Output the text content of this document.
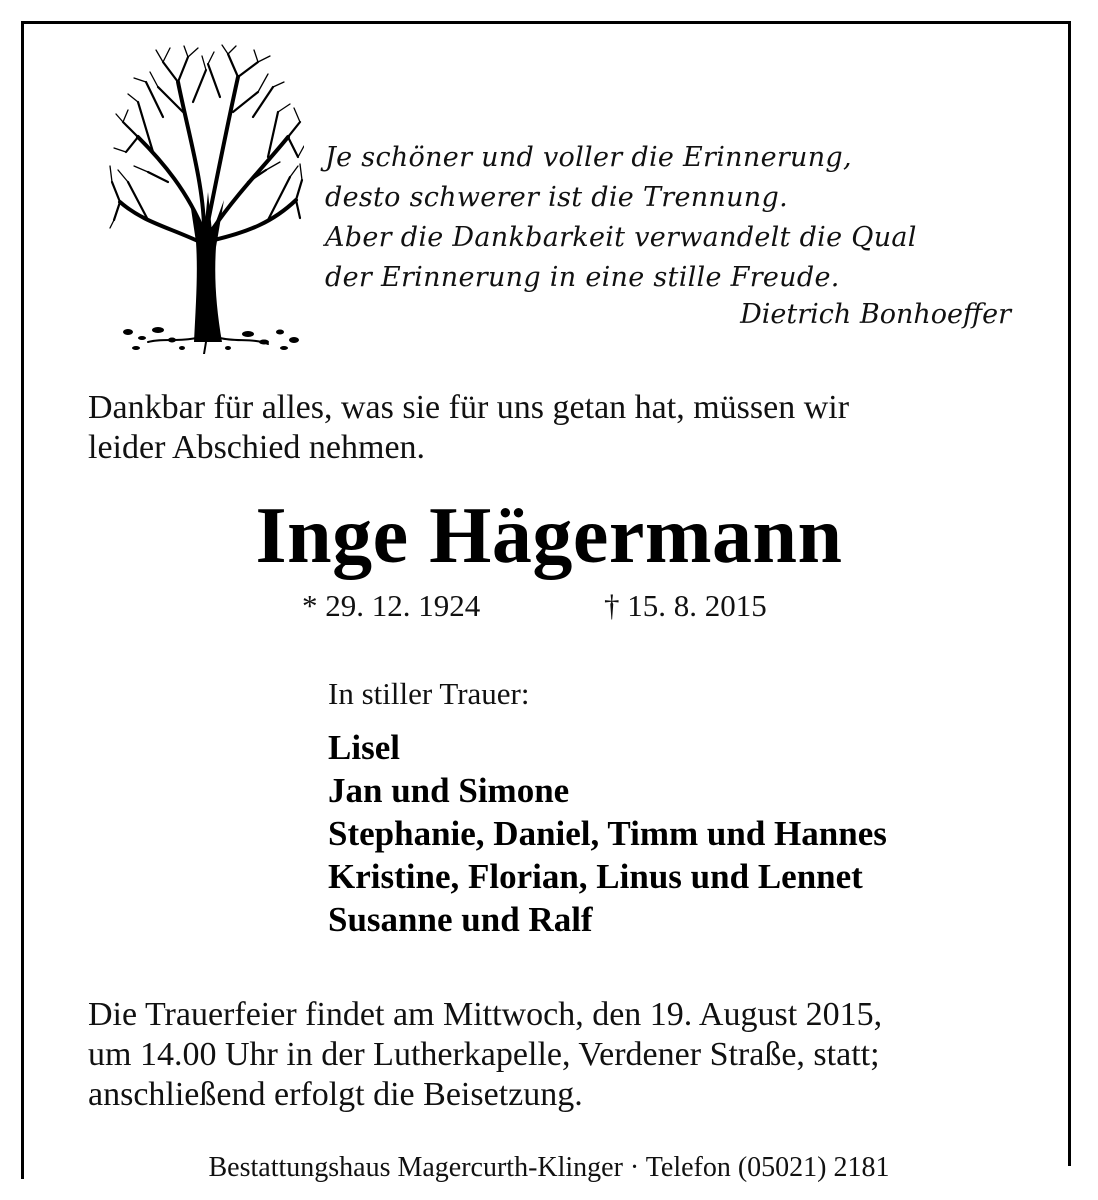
Je schöner und voller die Erinnerung,
desto schwerer ist die Trennung.
Aber die Dankbarkeit verwandelt die Qual
der Erinnerung in eine stille Freude.
Dietrich Bonhoeffer
Dankbar für alles, was sie für uns getan hat, müssen wir
leider Abschied nehmen.
Inge Hägermann
* 29. 12. 1924	† 15. 8. 2015
In stiller Trauer:
Lisel
Jan und Simone
Stephanie, Daniel, Timm und Hannes
Kristine, Florian, Linus und Lennet
Susanne und Ralf
Die Trauerfeier findet am Mittwoch, den 19. August 2015,
um 14.00 Uhr in der Lutherkapelle, Verdener Straße, statt;
anschließend erfolgt die Beisetzung.
Bestattungshaus Magercurth-Klinger · Telefon (05021) 2181
